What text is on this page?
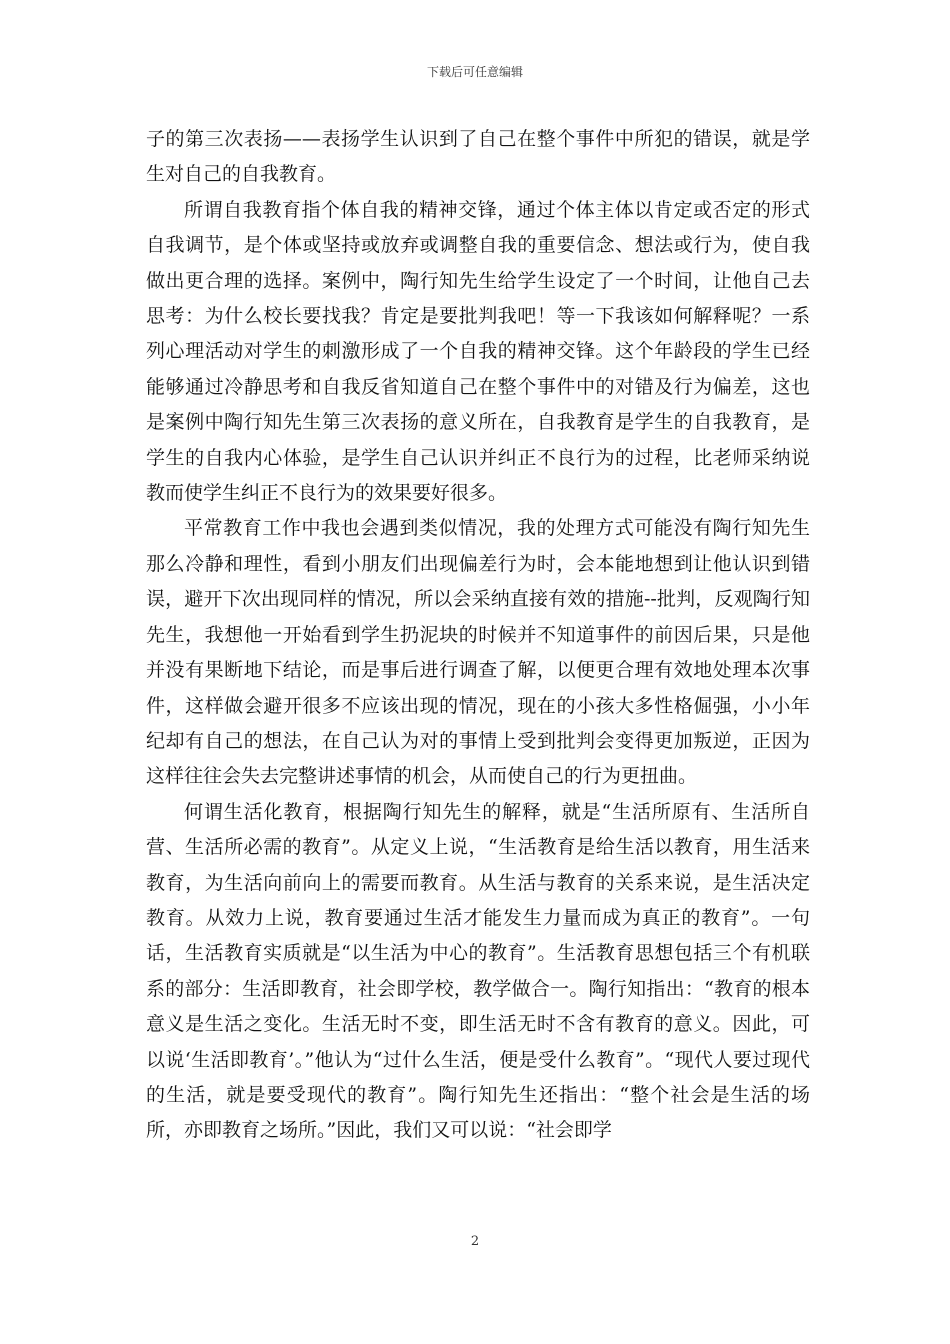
下载后可任意编辑

子的第三次表扬——表扬学生认识到了自己在整个事件中所犯的错误，就是学生对自己的自我教育。

所谓自我教育指个体自我的精神交锋，通过个体主体以肯定或否定的形式自我调节，是个体或坚持或放弃或调整自我的重要信念、想法或行为，使自我做出更合理的选择。案例中，陶行知先生给学生设定了一个时间，让他自己去思考：为什么校长要找我？肯定是要批判我吧！等一下我该如何解释呢？一系列心理活动对学生的刺激形成了一个自我的精神交锋。这个年龄段的学生已经能够通过冷静思考和自我反省知道自己在整个事件中的对错及行为偏差，这也是案例中陶行知先生第三次表扬的意义所在，自我教育是学生的自我教育，是学生的自我内心体验，是学生自己认识并纠正不良行为的过程，比老师采纳说教而使学生纠正不良行为的效果要好很多。

平常教育工作中我也会遇到类似情况，我的处理方式可能没有陶行知先生那么冷静和理性，看到小朋友们出现偏差行为时，会本能地想到让他认识到错误，避开下次出现同样的情况，所以会采纳直接有效的措施--批判，反观陶行知先生，我想他一开始看到学生扔泥块的时候并不知道事件的前因后果，只是他并没有果断地下结论，而是事后进行调查了解，以便更合理有效地处理本次事件，这样做会避开很多不应该出现的情况，现在的小孩大多性格倔强，小小年纪却有自己的想法，在自己认为对的事情上受到批判会变得更加叛逆，正因为这样往往会失去完整讲述事情的机会，从而使自己的行为更扭曲。

何谓生活化教育，根据陶行知先生的解释，就是“生活所原有、生活所自营、生活所必需的教育”。从定义上说，“生活教育是给生活以教育，用生活来教育，为生活向前向上的需要而教育。从生活与教育的关系来说，是生活决定教育。从效力上说，教育要通过生活才能发生力量而成为真正的教育”。一句话，生活教育实质就是“以生活为中心的教育”。生活教育思想包括三个有机联系的部分：生活即教育，社会即学校，教学做合一。陶行知指出：“教育的根本意义是生活之变化。生活无时不变，即生活无时不含有教育的意义。因此，可以说‘生活即教育’。”他认为“过什么生活，便是受什么教育”。“现代人要过现代的生活，就是要受现代的教育”。陶行知先生还指出：“整个社会是生活的场所，亦即教育之场所。”因此，我们又可以说：“社会即学

2
